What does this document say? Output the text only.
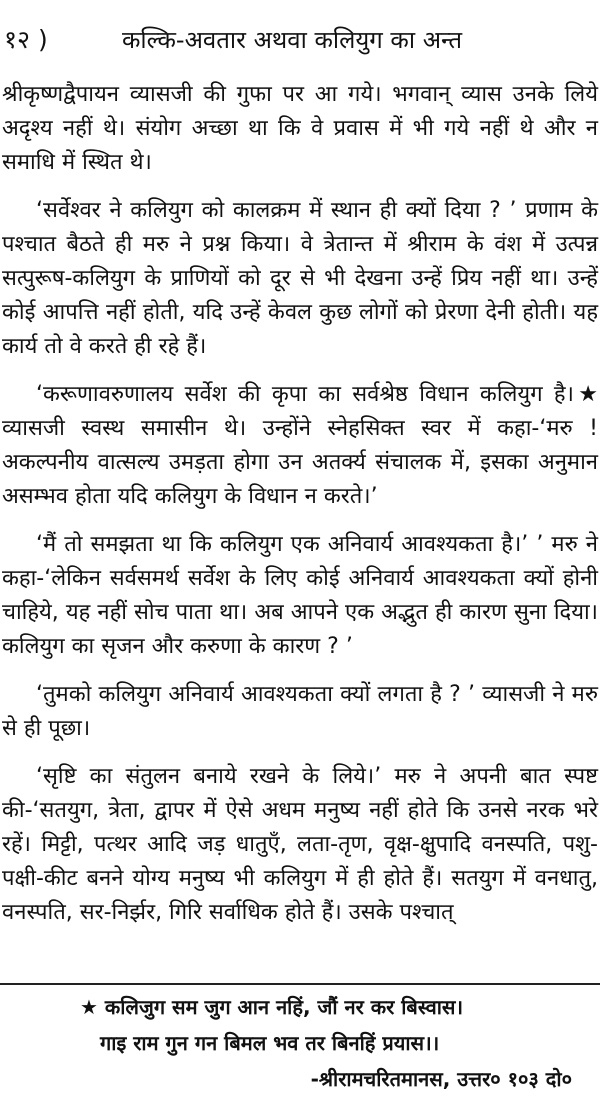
१२ )	कल्कि-अवतार अथवा कलियुग का अन्त

श्रीकृष्णद्वैपायन व्यासजी की गुफा पर आ गये। भगवान् व्यास उनके लिये अदृश्य नहीं थे। संयोग अच्छा था कि वे प्रवास में भी गये नहीं थे और न समाधि में स्थित थे।

‘सर्वेश्वर ने कलियुग को कालक्रम में स्थान ही क्यों दिया ? ’ प्रणाम के पश्चात बैठते ही मरु ने प्रश्न किया। वे त्रेतान्त में श्रीराम के वंश में उत्पन्न सत्पुरूष-कलियुग के प्राणियों को दूर से भी देखना उन्हें प्रिय नहीं था। उन्हें कोई आपत्ति नहीं होती, यदि उन्हें केवल कुछ लोगों को प्रेरणा देनी होती। यह कार्य तो वे करते ही रहे हैं।

‘करूणावरुणालय सर्वेश की कृपा का सर्वश्रेष्ठ विधान कलियुग है।★ व्यासजी स्वस्थ समासीन थे। उन्होंने स्नेहसिक्त स्वर में कहा-‘मरु ! अकल्पनीय वात्सल्य उमड़ता होगा उन अतर्क्य संचालक में, इसका अनुमान असम्भव होता यदि कलियुग के विधान न करते।’

‘मैं तो समझता था कि कलियुग एक अनिवार्य आवश्यकता है।’ ’ मरु ने कहा-‘लेकिन सर्वसमर्थ सर्वेश के लिए कोई अनिवार्य आवश्यकता क्यों होनी चाहिये, यह नहीं सोच पाता था। अब आपने एक अद्भुत ही कारण सुना दिया। कलियुग का सृजन और करुणा के कारण ? ’

‘तुमको कलियुग अनिवार्य आवश्यकता क्यों लगता है ? ’ व्यासजी ने मरु से ही पूछा।

‘सृष्टि का संतुलन बनाये रखने के लिये।’ मरु ने अपनी बात स्पष्ट की-‘सतयुग, त्रेता, द्वापर में ऐसे अधम मनुष्य नहीं होते कि उनसे नरक भरे रहें। मिट्टी, पत्थर आदि जड़ धातुएँ, लता-तृण, वृक्ष-क्षुपादि वनस्पति, पशु-पक्षी-कीट बनने योग्य मनुष्य भी कलियुग में ही होते हैं। सतयुग में वनधातु, वनस्पति, सर-निर्झर, गिरि सर्वाधिक होते हैं। उसके पश्चात्

★ कलिजुग सम जुग आन नहिं, जौं नर कर बिस्वास।
गाइ राम गुन गन बिमल भव तर बिनहिं प्रयास।।
-श्रीरामचरितमानस, उत्तर० १०३ दो०
